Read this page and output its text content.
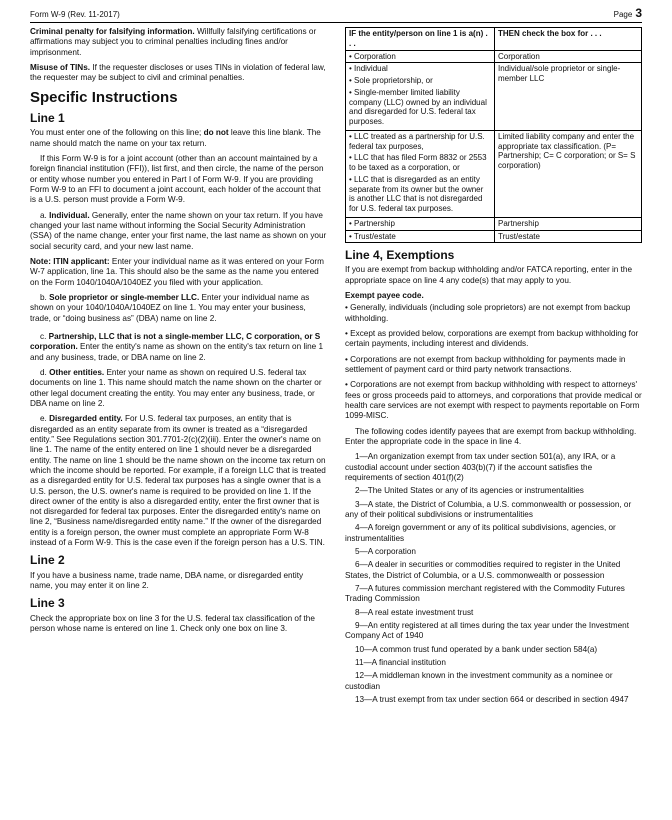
Form W-9 (Rev. 11-2017)	Page 3

Criminal penalty for falsifying information. Willfully falsifying certifications or affirmations may subject you to criminal penalties including fines and/or imprisonment.

Misuse of TINs. If the requester discloses or uses TINs in violation of federal law, the requester may be subject to civil and criminal penalties.

Specific Instructions
Line 1

You must enter one of the following on this line; do not leave this line blank. The name should match the name on your tax return.

If this Form W-9 is for a joint account (other than an account maintained by a foreign financial institution (FFI)), list first, and then circle, the name of the person or entity whose number you entered in Part I of Form W-9. If you are providing Form W-9 to an FFI to document a joint account, each holder of the account that is a U.S. person must provide a Form W-9.

a. Individual. Generally, enter the name shown on your tax return. If you have changed your last name without informing the Social Security Administration (SSA) of the name change, enter your first name, the last name as shown on your social security card, and your new last name.

Note: ITIN applicant: Enter your individual name as it was entered on your Form W-7 application, line 1a. This should also be the same as the name you entered on the Form 1040/1040A/1040EZ you filed with your application.

b. Sole proprietor or single-member LLC. Enter your individual name as shown on your 1040/1040A/1040EZ on line 1. You may enter your business, trade, or “doing business as” (DBA) name on line 2.

c. Partnership, LLC that is not a single-member LLC, C corporation, or S corporation. Enter the entity's name as shown on the entity's tax return on line 1 and any business, trade, or DBA name on line 2.

d. Other entities. Enter your name as shown on required U.S. federal tax documents on line 1. This name should match the name shown on the charter or other legal document creating the entity. You may enter any business, trade, or DBA name on line 2.

e. Disregarded entity. For U.S. federal tax purposes, an entity that is disregarded as an entity separate from its owner is treated as a “disregarded entity.” See Regulations section 301.7701-2(c)(2)(iii). Enter the owner's name on line 1. The name of the entity entered on line 1 should never be a disregarded entity. The name on line 1 should be the name shown on the income tax return on which the income should be reported. For example, if a foreign LLC that is treated as a disregarded entity for U.S. federal tax purposes has a single owner that is a U.S. person, the U.S. owner's name is required to be provided on line 1. If the direct owner of the entity is also a disregarded entity, enter the first owner that is not disregarded for federal tax purposes. Enter the disregarded entity's name on line 2, “Business name/disregarded entity name.” If the owner of the disregarded entity is a foreign person, the owner must complete an appropriate Form W-8 instead of a Form W-9. This is the case even if the foreign person has a U.S. TIN.

Line 2

If you have a business name, trade name, DBA name, or disregarded entity name, you may enter it on line 2.

Line 3

Check the appropriate box on line 3 for the U.S. federal tax classification of the person whose name is entered on line 1. Check only one box on line 3.

IF the entity/person on line 1 is a(n) . . .	THEN check the box for . . .
• Corporation	Corporation

• Individual
• Sole proprietorship, or
• Single-member limited liability company (LLC) owned by an individual and disregarded for U.S. federal tax purposes.	Individual/sole proprietor or single-member LLC

• LLC treated as a partnership for U.S. federal tax purposes,
• LLC that has filed Form 8832 or 2553 to be taxed as a corporation, or
• LLC that is disregarded as an entity separate from its owner but the owner is another LLC that is not disregarded for U.S. federal tax purposes.	Limited liability company and enter the appropriate tax classification. (P= Partnership; C= C corporation; or S= S corporation)
• Partnership	Partnership
• Trust/estate	Trust/estate
Line 4, Exemptions

If you are exempt from backup withholding and/or FATCA reporting, enter in the appropriate space on line 4 any code(s) that may apply to you.

Exempt payee code.

• Generally, individuals (including sole proprietors) are not exempt from backup withholding.

• Except as provided below, corporations are exempt from backup withholding for certain payments, including interest and dividends.

• Corporations are not exempt from backup withholding for payments made in settlement of payment card or third party network transactions.

• Corporations are not exempt from backup withholding with respect to attorneys' fees or gross proceeds paid to attorneys, and corporations that provide medical or health care services are not exempt with respect to payments reportable on Form 1099-MISC.

The following codes identify payees that are exempt from backup withholding. Enter the appropriate code in the space in line 4.

1—An organization exempt from tax under section 501(a), any IRA, or a custodial account under section 403(b)(7) if the account satisfies the requirements of section 401(f)(2)

2—The United States or any of its agencies or instrumentalities

3—A state, the District of Columbia, a U.S. commonwealth or possession, or any of their political subdivisions or instrumentalities

4—A foreign government or any of its political subdivisions, agencies, or instrumentalities

5—A corporation

6—A dealer in securities or commodities required to register in the United States, the District of Columbia, or a U.S. commonwealth or possession

7—A futures commission merchant registered with the Commodity Futures Trading Commission

8—A real estate investment trust

9—An entity registered at all times during the tax year under the Investment Company Act of 1940

10—A common trust fund operated by a bank under section 584(a)

11—A financial institution

12—A middleman known in the investment community as a nominee or custodian

13—A trust exempt from tax under section 664 or described in section 4947
